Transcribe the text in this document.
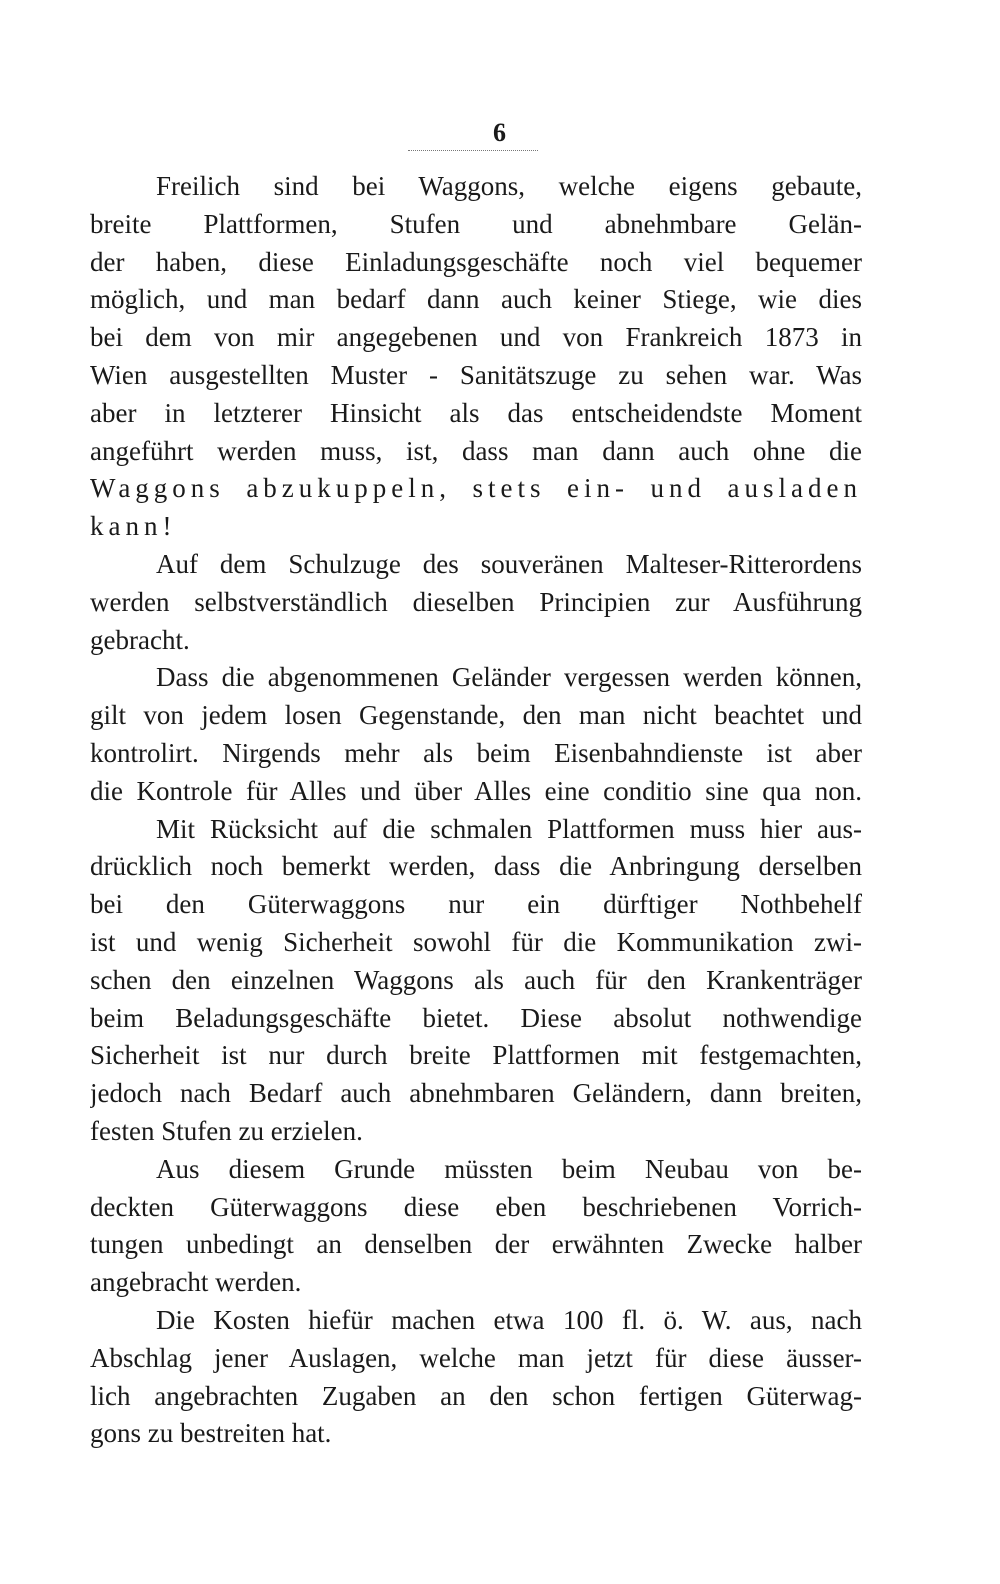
6
Freilich sind bei Waggons, welche eigens gebaute,
breite Plattformen, Stufen und abnehmbare Gelän-
der haben, diese Einladungsgeschäfte noch viel bequemer
möglich, und man bedarf dann auch keiner Stiege, wie dies
bei dem von mir angegebenen und von Frankreich 1873 in
Wien ausgestellten Muster - Sanitätszuge zu sehen war. Was
aber in letzterer Hinsicht als das entscheidendste Moment
angeführt werden muss, ist, dass man dann auch ohne die
Waggons abzukuppeln, stets ein- und ausladen
kann!
Auf dem Schulzuge des souveränen Malteser-Ritterordens
werden selbstverständlich dieselben Principien zur Ausführung
gebracht.
Dass die abgenommenen Geländer vergessen werden können,
gilt von jedem losen Gegenstande, den man nicht beachtet und
kontrolirt. Nirgends mehr als beim Eisenbahndienste ist aber
die Kontrole für Alles und über Alles eine conditio sine qua non.
Mit Rücksicht auf die schmalen Plattformen muss hier aus-
drücklich noch bemerkt werden, dass die Anbringung derselben
bei den Güterwaggons nur ein dürftiger Nothbehelf
ist und wenig Sicherheit sowohl für die Kommunikation zwi-
schen den einzelnen Waggons als auch für den Krankenträger
beim Beladungsgeschäfte bietet. Diese absolut nothwendige
Sicherheit ist nur durch breite Plattformen mit festgemachten,
jedoch nach Bedarf auch abnehmbaren Geländern, dann breiten,
festen Stufen zu erzielen.
Aus diesem Grunde müssten beim Neubau von be-
deckten Güterwaggons diese eben beschriebenen Vorrich-
tungen unbedingt an denselben der erwähnten Zwecke halber
angebracht werden.
Die Kosten hiefür machen etwa 100 fl. ö. W. aus, nach
Abschlag jener Auslagen, welche man jetzt für diese äusser-
lich angebrachten Zugaben an den schon fertigen Güterwag-
gons zu bestreiten hat.
